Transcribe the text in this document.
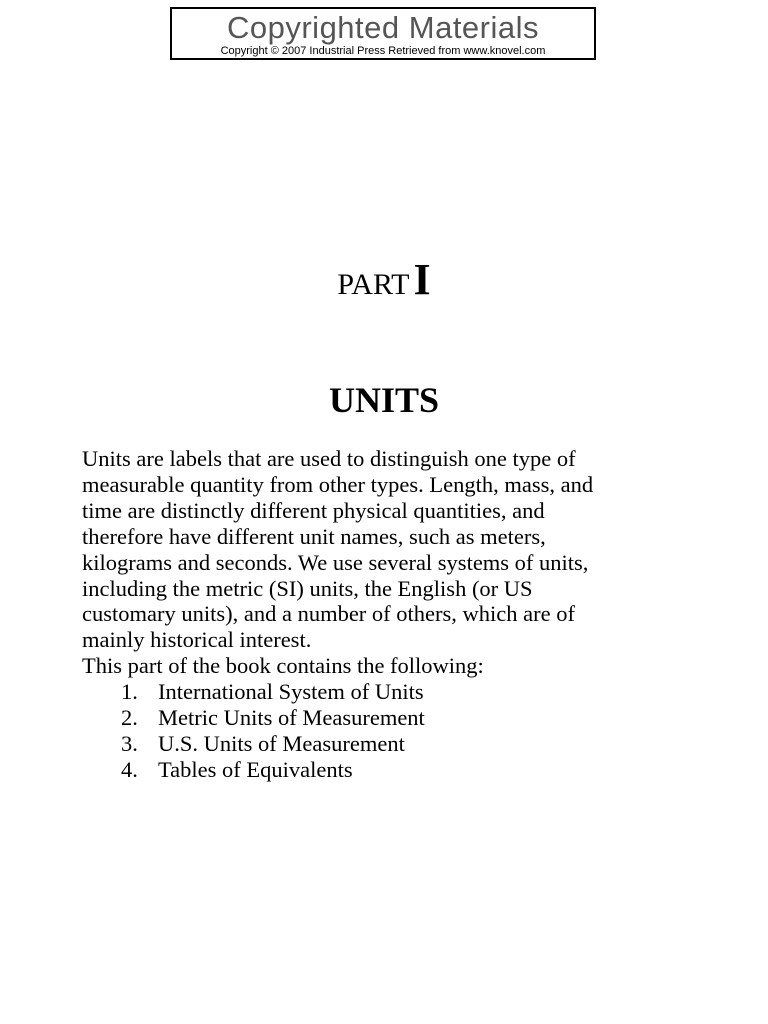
Copyrighted Materials
Copyright © 2007 Industrial Press Retrieved from www.knovel.com
PART I
UNITS
Units are labels that are used to distinguish one type of
measurable quantity from other types. Length, mass, and
time are distinctly different physical quantities, and
therefore have different unit names, such as meters,
kilograms and seconds. We use several systems of units,
including the metric (SI) units, the English (or US
customary units), and a number of others, which are of
mainly historical interest.
This part of the book contains the following:
1. International System of Units
2. Metric Units of Measurement
3. U.S. Units of Measurement
4. Tables of Equivalents
